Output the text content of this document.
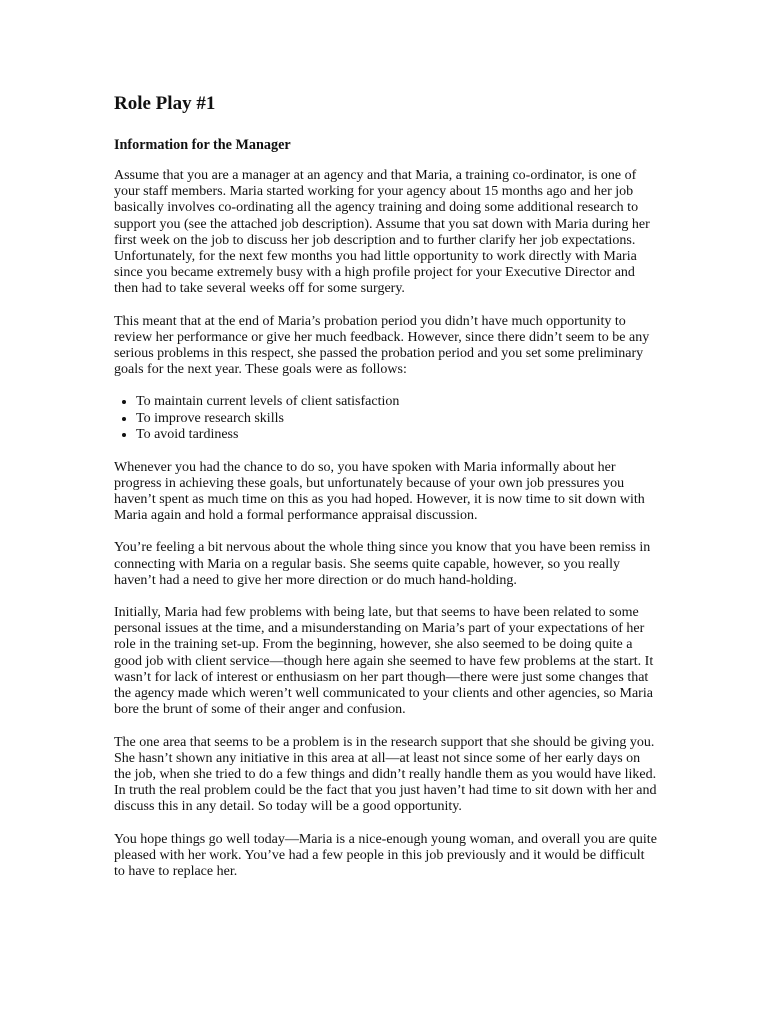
Role Play #1
Information for the Manager

Assume that you are a manager at an agency and that Maria, a training co-ordinator, is one of your staff members. Maria started working for your agency about 15 months ago and her job basically involves co-ordinating all the agency training and doing some additional research to support you (see the attached job description). Assume that you sat down with Maria during her first week on the job to discuss her job description and to further clarify her job expectations. Unfortunately, for the next few months you had little opportunity to work directly with Maria since you became extremely busy with a high profile project for your Executive Director and then had to take several weeks off for some surgery.

This meant that at the end of Maria’s probation period you didn’t have much opportunity to review her performance or give her much feedback. However, since there didn’t seem to be any serious problems in this respect, she passed the probation period and you set some preliminary goals for the next year. These goals were as follows:

• To maintain current levels of client satisfaction
• To improve research skills
• To avoid tardiness

Whenever you had the chance to do so, you have spoken with Maria informally about her progress in achieving these goals, but unfortunately because of your own job pressures you haven’t spent as much time on this as you had hoped. However, it is now time to sit down with Maria again and hold a formal performance appraisal discussion.

You’re feeling a bit nervous about the whole thing since you know that you have been remiss in connecting with Maria on a regular basis. She seems quite capable, however, so you really haven’t had a need to give her more direction or do much hand-holding.

Initially, Maria had few problems with being late, but that seems to have been related to some personal issues at the time, and a misunderstanding on Maria’s part of your expectations of her role in the training set-up. From the beginning, however, she also seemed to be doing quite a good job with client service—though here again she seemed to have few problems at the start. It wasn’t for lack of interest or enthusiasm on her part though—there were just some changes that the agency made which weren’t well communicated to your clients and other agencies, so Maria bore the brunt of some of their anger and confusion.

The one area that seems to be a problem is in the research support that she should be giving you. She hasn’t shown any initiative in this area at all—at least not since some of her early days on the job, when she tried to do a few things and didn’t really handle them as you would have liked. In truth the real problem could be the fact that you just haven’t had time to sit down with her and discuss this in any detail. So today will be a good opportunity.

You hope things go well today—Maria is a nice-enough young woman, and overall you are quite pleased with her work. You’ve had a few people in this job previously and it would be difficult to have to replace her.
